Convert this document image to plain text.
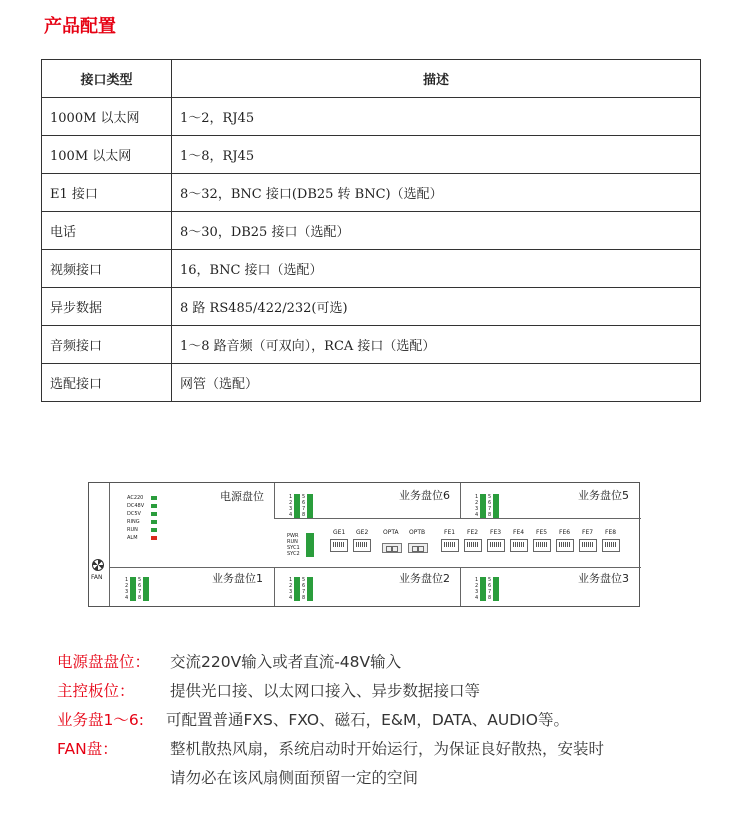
产品配置
接口类型	描述
1000M 以太网	1～2，RJ45
100M 以太网	1～8，RJ45
E1 接口	8～32，BNC 接口(DB25 转 BNC)（选配）
电话	8～30，DB25 接口（选配）
视频接口	16，BNC 接口（选配）
异步数据	8 路 RS485/422/232(可选)
音频接口	1～8 路音频（可双向），RCA 接口（选配）
选配接口	网管（选配）
FAN
电源盘位
AC220
DC48V
DC5V
RING
RUN
ALM
业务盘位6
1
2
3
4
5
6
7
8
业务盘位5
1
2
3
4
5
6
7
8
PWR
RUN
SYC1
SYC2
GE1 GE2 OPTA OPTB	FE1 FE2 FE3 FE4 FE5 FE6 FE7 FE8
业务盘位1
1
2
3
4
5
6
7
8
业务盘位2
1
2
3
4
5
6
7
8
业务盘位3
1
2
3
4
5
6
7
8
电源盘盘位： 交流220V输入或者直流-48V输入
主控板位： 提供光口接、以太网口接入、异步数据接口等
业务盘1～6: 可配置普通FXS、FXO、磁石，E&M，DATA、AUDIO等。
FAN盘：	整机散热风扇，系统启动时开始运行，为保证良好散热，安装时
请勿必在该风扇侧面预留一定的空间
